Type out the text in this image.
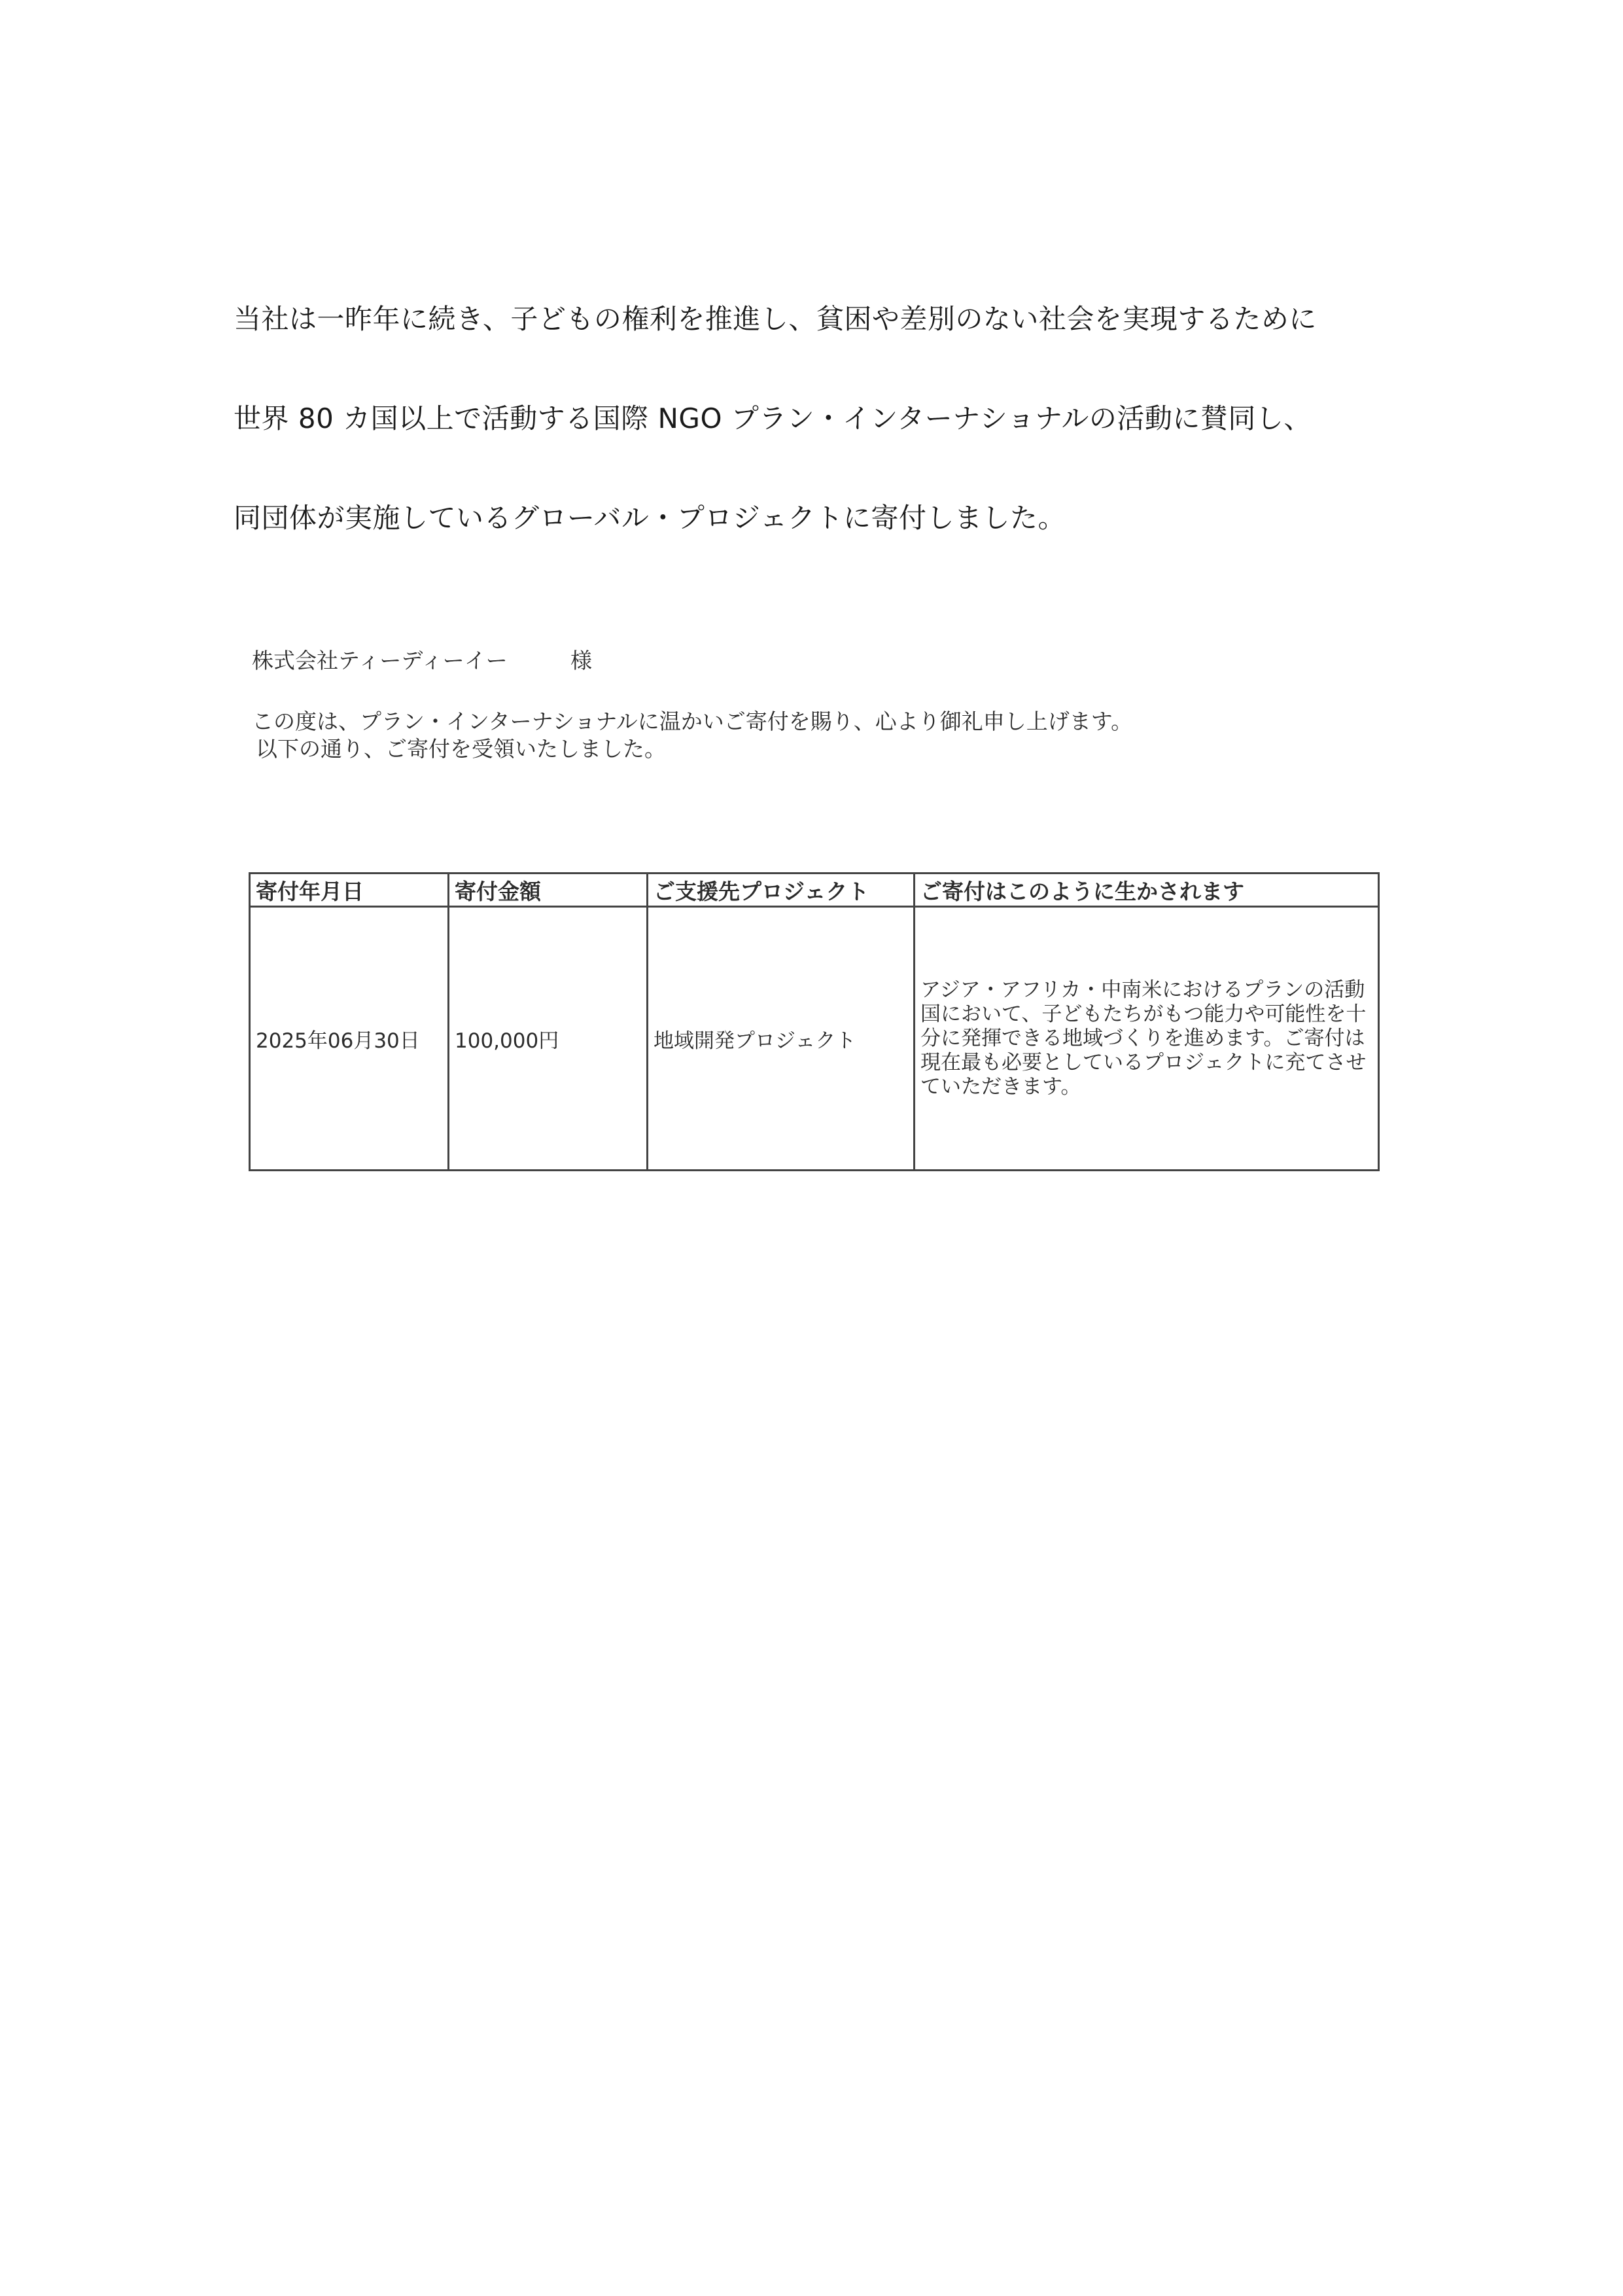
当社は一昨年に続き、子どもの権利を推進し、貧困や差別のない社会を実現するために
世界 80 カ国以上で活動する国際 NGO プラン・インターナショナルの活動に賛同し、
同団体が実施しているグローバル・プロジェクトに寄付しました。
株式会社ティーディーイー	様
この度は、プラン・インターナショナルに温かいご寄付を賜り、心より御礼申し上げます。
以下の通り、ご寄付を受領いたしました。
寄付年月日	寄付金額	ご支援先プロジェクト	ご寄付はこのように生かされます
2025年06月30日	100,000円	地域開発プロジェクト	アジア・アフリカ・中南米におけるプランの活動国において、子どもたちがもつ能力や可能性を十分に発揮できる地域づくりを進めます。ご寄付は現在最も必要としているプロジェクトに充てさせていただきます。
